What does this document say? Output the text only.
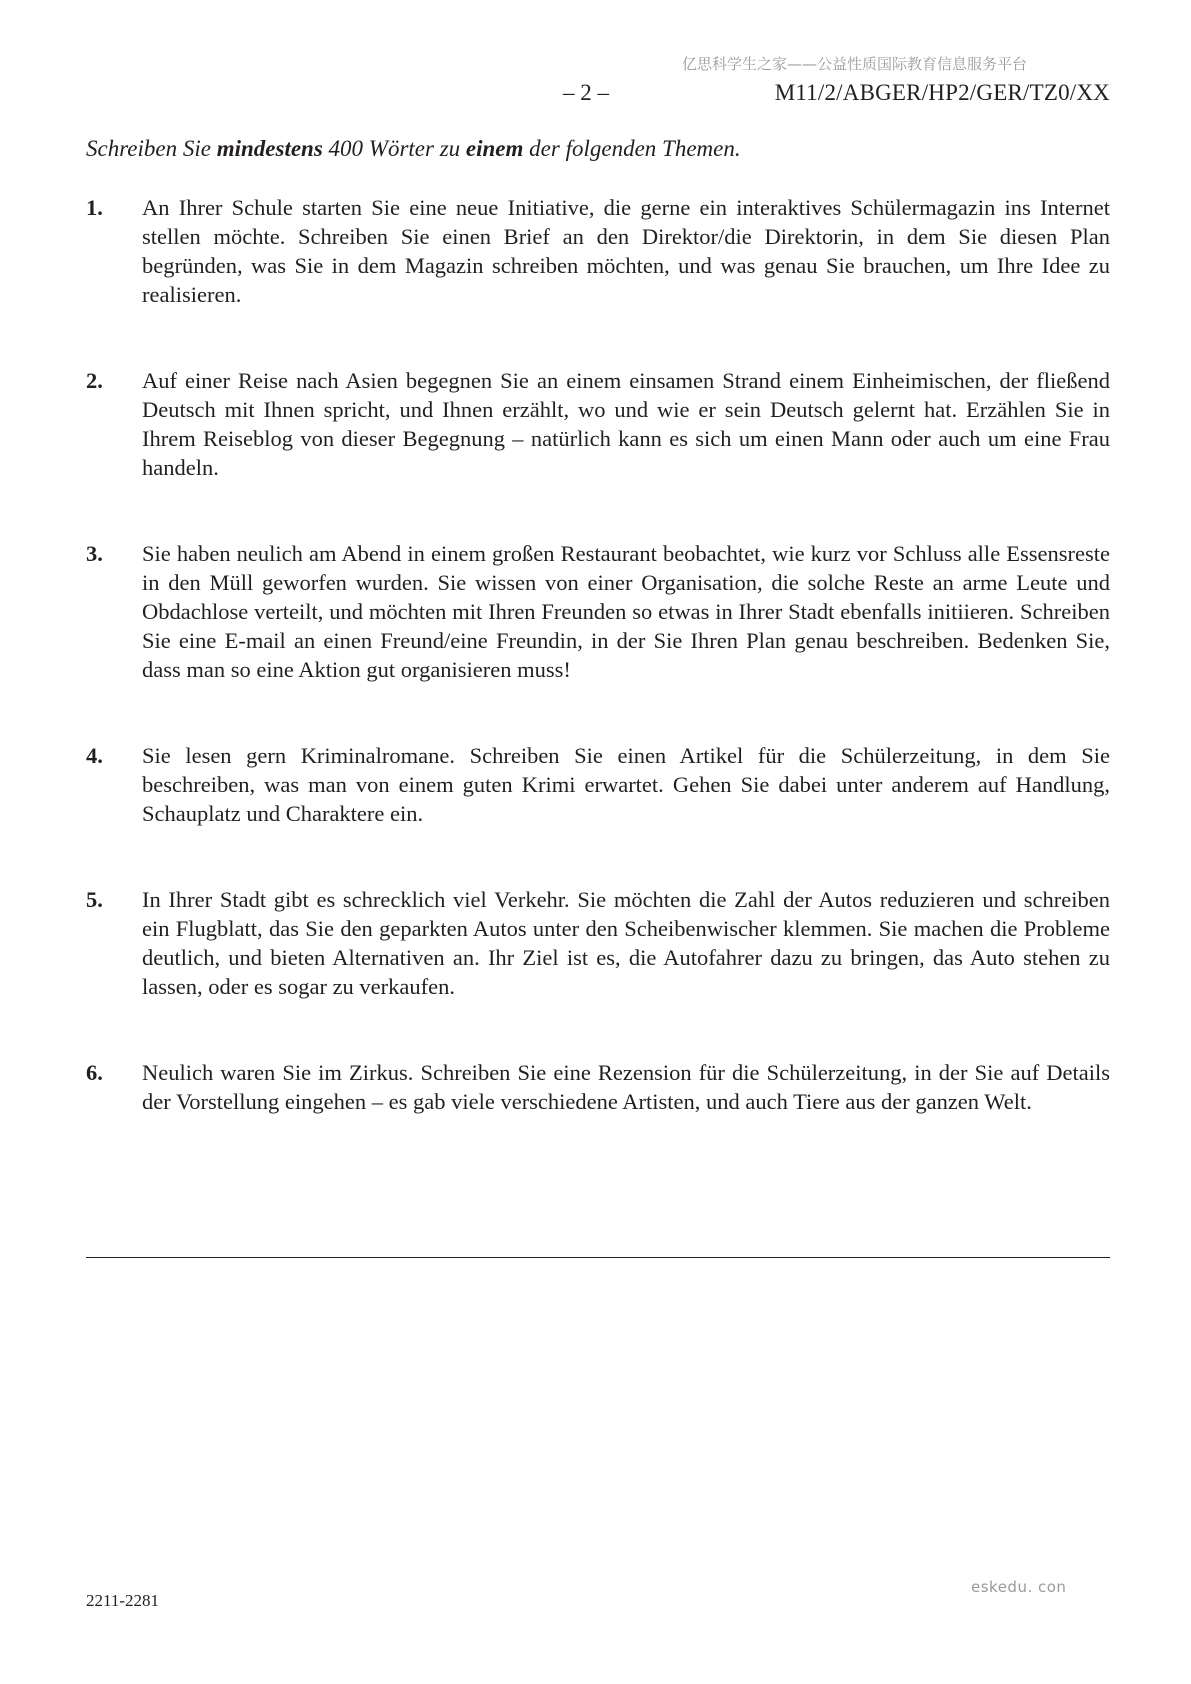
亿思科学生之家——公益性质国际教育信息服务平台
– 2 –	M11/2/ABGER/HP2/GER/TZ0/XX
Schreiben Sie mindestens 400 Wörter zu einem der folgenden Themen.
1. An Ihrer Schule starten Sie eine neue Initiative, die gerne ein interaktives Schülermagazin ins Internet stellen möchte. Schreiben Sie einen Brief an den Direktor/die Direktorin, in dem Sie diesen Plan begründen, was Sie in dem Magazin schreiben möchten, und was genau Sie brauchen, um Ihre Idee zu realisieren.
2. Auf einer Reise nach Asien begegnen Sie an einem einsamen Strand einem Einheimischen, der fließend Deutsch mit Ihnen spricht, und Ihnen erzählt, wo und wie er sein Deutsch gelernt hat. Erzählen Sie in Ihrem Reiseblog von dieser Begegnung – natürlich kann es sich um einen Mann oder auch um eine Frau handeln.
3. Sie haben neulich am Abend in einem großen Restaurant beobachtet, wie kurz vor Schluss alle Essensreste in den Müll geworfen wurden. Sie wissen von einer Organisation, die solche Reste an arme Leute und Obdachlose verteilt, und möchten mit Ihren Freunden so etwas in Ihrer Stadt ebenfalls initiieren. Schreiben Sie eine E-mail an einen Freund/eine Freundin, in der Sie Ihren Plan genau beschreiben. Bedenken Sie, dass man so eine Aktion gut organisieren muss!
4. Sie lesen gern Kriminalromane. Schreiben Sie einen Artikel für die Schülerzeitung, in dem Sie beschreiben, was man von einem guten Krimi erwartet. Gehen Sie dabei unter anderem auf Handlung, Schauplatz und Charaktere ein.
5. In Ihrer Stadt gibt es schrecklich viel Verkehr. Sie möchten die Zahl der Autos reduzieren und schreiben ein Flugblatt, das Sie den geparkten Autos unter den Scheibenwischer klemmen. Sie machen die Probleme deutlich, und bieten Alternativen an. Ihr Ziel ist es, die Autofahrer dazu zu bringen, das Auto stehen zu lassen, oder es sogar zu verkaufen.
6. Neulich waren Sie im Zirkus. Schreiben Sie eine Rezension für die Schülerzeitung, in der Sie auf Details der Vorstellung eingehen – es gab viele verschiedene Artisten, und auch Tiere aus der ganzen Welt.
2211-2281
eskedu. con
